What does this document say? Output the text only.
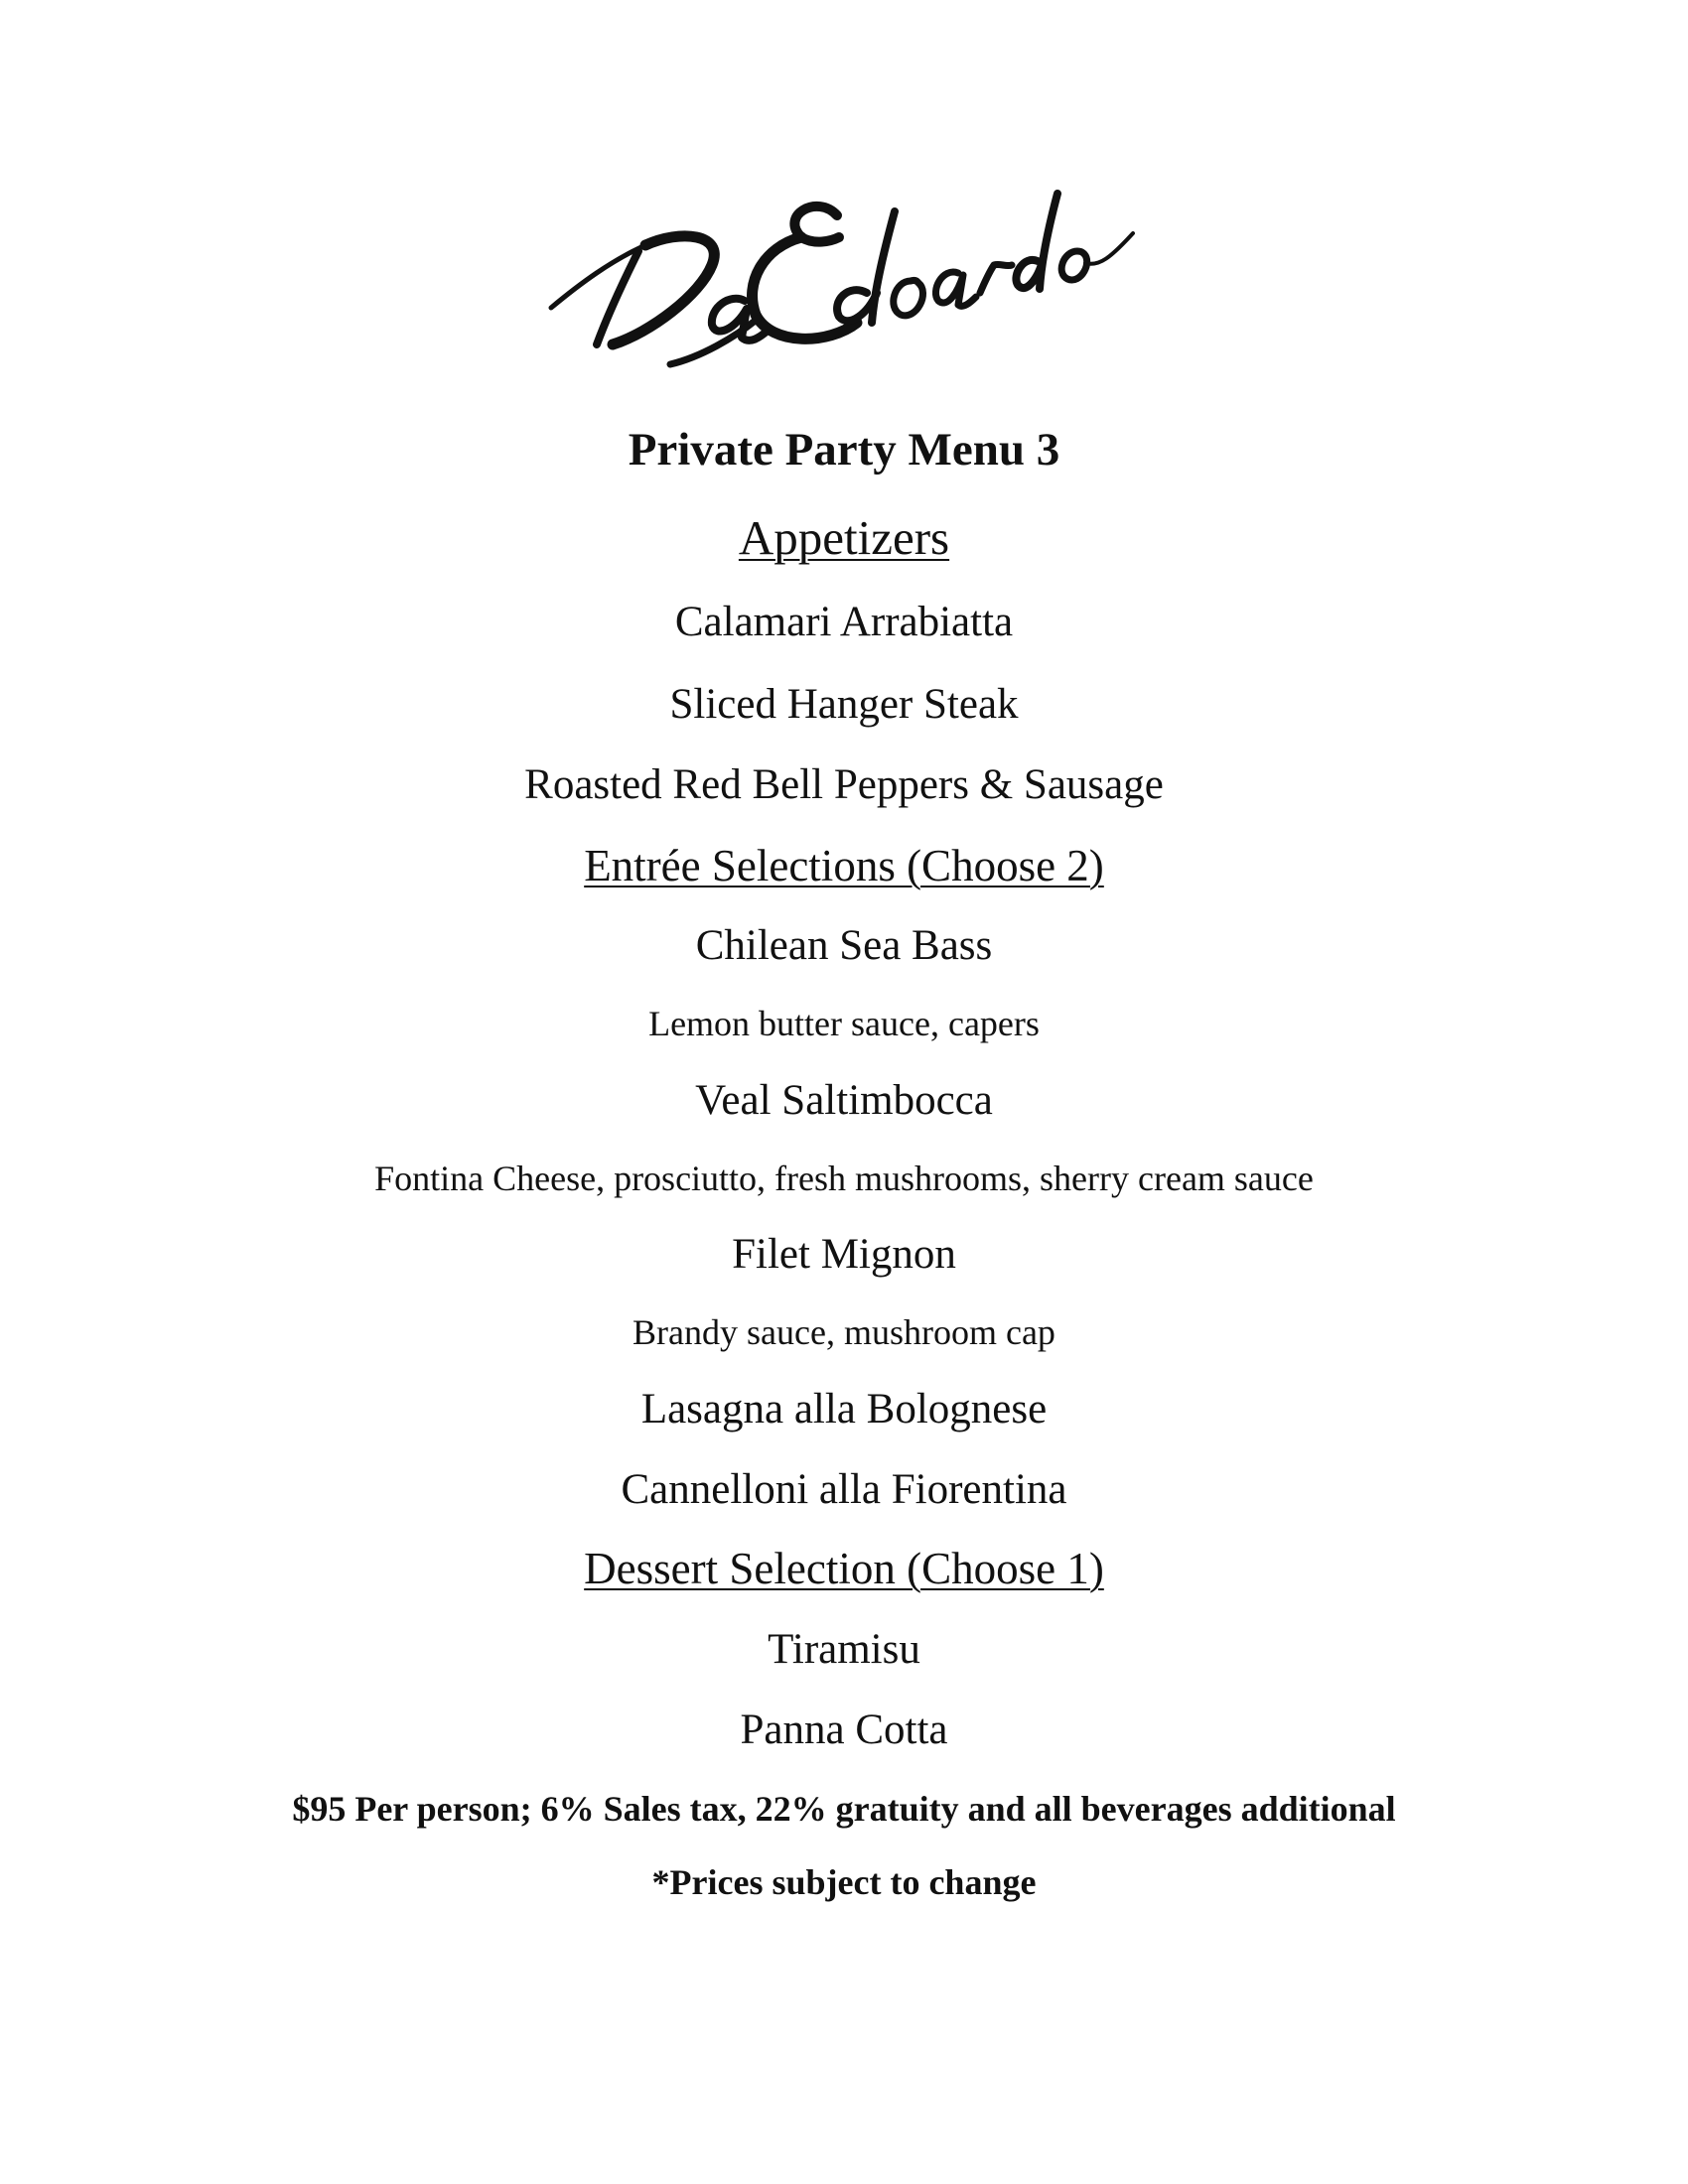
Private Party Menu 3
Appetizers
Calamari Arrabiatta
Sliced Hanger Steak
Roasted Red Bell Peppers & Sausage
Entrée Selections (Choose 2)
Chilean Sea Bass
Lemon butter sauce, capers
Veal Saltimbocca
Fontina Cheese, prosciutto, fresh mushrooms, sherry cream sauce
Filet Mignon
Brandy sauce, mushroom cap
Lasagna alla Bolognese
Cannelloni alla Fiorentina
Dessert Selection (Choose 1)
Tiramisu
Panna Cotta
$95 Per person; 6% Sales tax, 22% gratuity and all beverages additional
*Prices subject to change
